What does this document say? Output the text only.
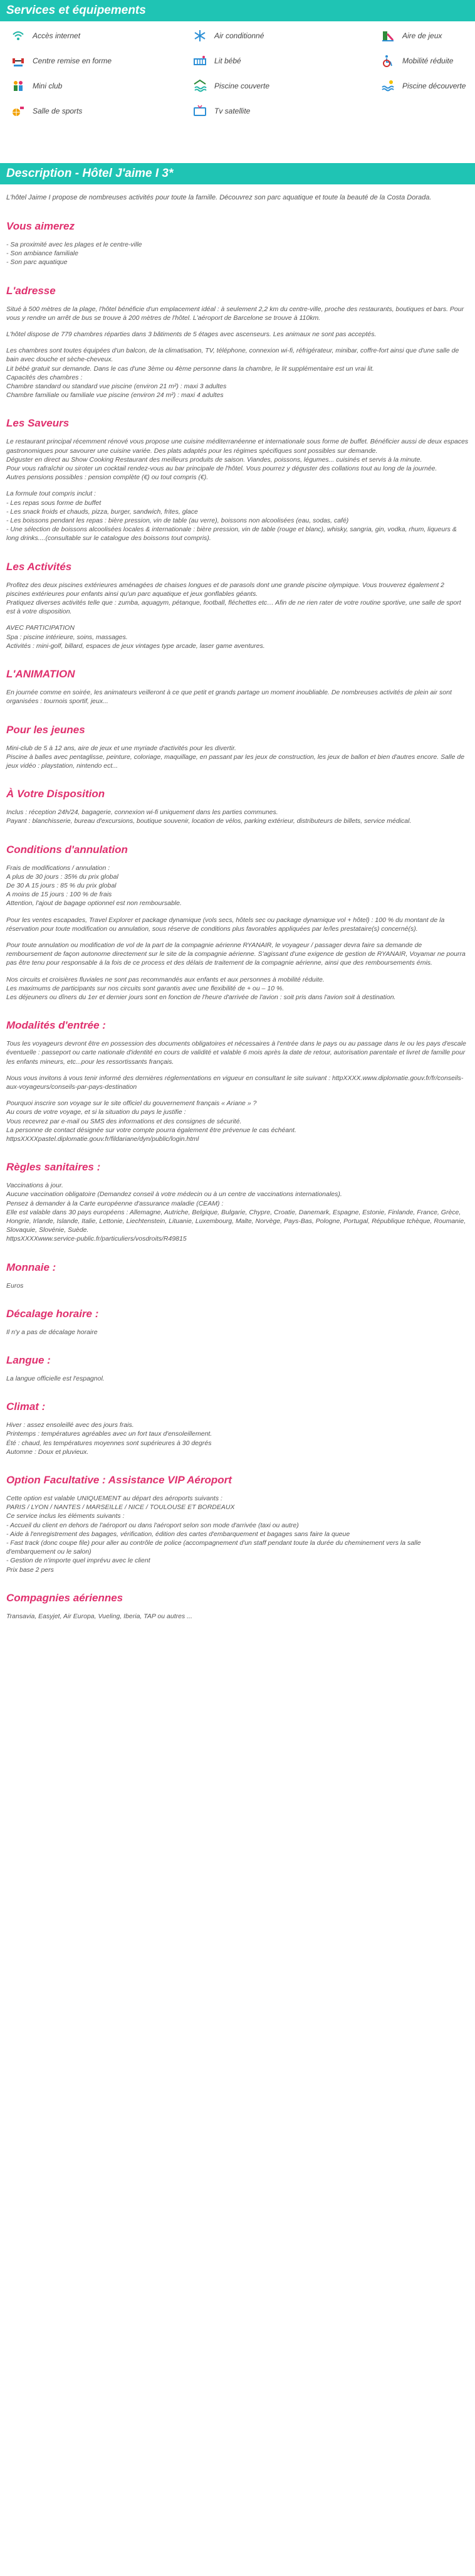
Services et équipements
Accès internet	Air conditionné	Aire de jeux
Centre remise en forme	Lit bébé	Mobilité réduite
Mini club	Piscine couverte	Piscine découverte
Salle de sports	Tv satellite
Description - Hôtel J'aime I 3*

L'hôtel Jaime I propose de nombreuses activités pour toute la famille. Découvrez son parc aquatique et toute la beauté de la Costa Dorada.

Vous aimerez

- Sa proximité avec les plages et le centre-ville
- Son ambiance familiale
- Son parc aquatique

L'adresse

Situé à 500 mètres de la plage, l'hôtel bénéficie d'un emplacement idéal : à seulement 2,2 km du centre-ville, proche des restaurants, boutiques et bars. Pour vous y rendre un arrêt de bus se trouve à 200 mètres de l'hôtel. L'aéroport de Barcelone se trouve à 110km.

L'hôtel dispose de 779 chambres réparties dans 3 bâtiments de 5 étages avec ascenseurs. Les animaux ne sont pas acceptés.

Les chambres sont toutes équipées d'un balcon, de la climatisation, TV, téléphone, connexion wi-fi, réfrigérateur, minibar, coffre-fort ainsi que d'une salle de bain avec douche et sèche-cheveux.
Lit bébé gratuit sur demande. Dans le cas d'une 3ème ou 4ème personne dans la chambre, le lit supplémentaire est un vrai lit.
Capacités des chambres :
Chambre standard ou standard vue piscine (environ 21 m²) : maxi 3 adultes
Chambre familiale ou familiale vue piscine (environ 24 m²) : maxi 4 adultes

Les Saveurs

Le restaurant principal récemment rénové vous propose une cuisine méditerranéenne et internationale sous forme de buffet. Bénéficier aussi de deux espaces gastronomiques pour savourer une cuisine variée. Des plats adaptés pour les régimes spécifiques sont possibles sur demande.
Déguster en direct au Show Cooking Restaurant des meilleurs produits de saison. Viandes, poissons, légumes... cuisinés et servis à la minute.
Pour vous rafraîchir ou siroter un cocktail rendez-vous au bar principale de l'hôtel. Vous pourrez y déguster des collations tout au long de la journée.
Autres pensions possibles : pension complète (€) ou tout compris (€).

La formule tout compris inclut :
- Les repas sous forme de buffet
- Les snack froids et chauds, pizza, burger, sandwich, frites, glace
- Les boissons pendant les repas : bière pression, vin de table (au verre), boissons non alcoolisées (eau, sodas, café)
- Une sélection de boissons alcoolisées locales & internationale : bière pression, vin de table (rouge et blanc), whisky, sangria, gin, vodka, rhum, liqueurs & long drinks....(consultable sur le catalogue des boissons tout compris).

Les Activités

Profitez des deux piscines extérieures aménagées de chaises longues et de parasols dont une grande piscine olympique. Vous trouverez également 2 piscines extérieures pour enfants ainsi qu'un parc aquatique et jeux gonflables géants.
Pratiquez diverses activités telle que : zumba, aquagym, pétanque, football, fléchettes etc… Afin de ne rien rater de votre routine sportive, une salle de sport est à votre disposition.

AVEC PARTICIPATION
Spa : piscine intérieure, soins, massages.
Activités : mini-golf, billard, espaces de jeux vintages type arcade, laser game aventures.

L'ANIMATION

En journée comme en soirée, les animateurs veilleront à ce que petit et grands partage un moment inoubliable. De nombreuses activités de plein air sont organisées : tournois sportif, jeux...

Pour les jeunes

Mini-club de 5 à 12 ans, aire de jeux et une myriade d'activités pour les divertir.
Piscine à balles avec pentaglisse, peinture, coloriage, maquillage, en passant par les jeux de construction, les jeux de ballon et bien d'autres encore. Salle de jeux vidéo : playstation, nintendo ect...

À Votre Disposition

Inclus : réception 24h/24, bagagerie, connexion wi-fi uniquement dans les parties communes.
Payant : blanchisserie, bureau d'excursions, boutique souvenir, location de vélos, parking extérieur, distributeurs de billets, service médical.

Conditions d'annulation

Frais de modifications / annulation :
A plus de 30 jours : 35% du prix global
De 30 A 15 jours : 85 % du prix global
A moins de 15 jours : 100 % de frais
Attention, l'ajout de bagage optionnel est non remboursable.

Pour les ventes escapades, Travel Explorer et package dynamique (vols secs, hôtels sec ou package dynamique vol + hôtel) : 100 % du montant de la réservation pour toute modification ou annulation, sous réserve de conditions plus favorables appliquées par le/les prestataire(s) concerné(s).

Pour toute annulation ou modification de vol de la part de la compagnie aérienne RYANAIR, le voyageur / passager devra faire sa demande de remboursement de façon autonome directement sur le site de la compagnie aérienne. S'agissant d'une exigence de gestion de RYANAIR, Voyamar ne pourra pas être tenu pour responsable à la fois de ce process et des délais de traitement de la compagnie aérienne, ainsi que des remboursements émis.

Nos circuits et croisières fluviales ne sont pas recommandés aux enfants et aux personnes à mobilité réduite.
Les maximums de participants sur nos circuits sont garantis avec une flexibilité de + ou – 10 %.
Les déjeuners ou dîners du 1er et dernier jours sont en fonction de l'heure d'arrivée de l'avion : soit pris dans l'avion soit à destination.

Modalités d'entrée :

Tous les voyageurs devront être en possession des documents obligatoires et nécessaires à l'entrée dans le pays ou au passage dans le ou les pays d'escale éventuelle : passeport ou carte nationale d'identité en cours de validité et valable 6 mois après la date de retour, autorisation parentale et livret de famille pour les enfants mineurs, etc...pour les ressortissants français.

Nous vous invitons à vous tenir informé des dernières réglementations en vigueur en consultant le site suivant : httpXXXX.www.diplomatie.gouv.fr/fr/conseils-aux-voyageurs/conseils-par-pays-destination

Pourquoi inscrire son voyage sur le site officiel du gouvernement français « Ariane » ?
Au cours de votre voyage, et si la situation du pays le justifie :
Vous recevrez par e-mail ou SMS des informations et des consignes de sécurité.
La personne de contact désignée sur votre compte pourra également être prévenue le cas échéant.
httpsXXXXpastel.diplomatie.gouv.fr/fildariane/dyn/public/login.html

Règles sanitaires :

Vaccinations à jour.
Aucune vaccination obligatoire (Demandez conseil à votre médecin ou à un centre de vaccinations internationales).
Pensez à demander à la Carte européenne d'assurance maladie (CEAM) :
Elle est valable dans 30 pays européens : Allemagne, Autriche, Belgique, Bulgarie, Chypre, Croatie, Danemark, Espagne, Estonie, Finlande, France, Grèce, Hongrie, Irlande, Islande, Italie, Lettonie, Liechtenstein, Lituanie, Luxembourg, Malte, Norvège, Pays-Bas, Pologne, Portugal, République tchèque, Roumanie, Slovaquie, Slovénie, Suède.
httpsXXXXwww.service-public.fr/particuliers/vosdroits/R49815

Monnaie :

Euros

Décalage horaire :

Il n'y a pas de décalage horaire

Langue :

La langue officielle est l'espagnol.

Climat :

Hiver : assez ensoleillé avec des jours frais.
Printemps : températures agréables avec un fort taux d'ensoleillement.
Été : chaud, les températures moyennes sont supérieures à 30 degrés
Automne : Doux et pluvieux.

Option Facultative : Assistance VIP Aéroport

Cette option est valable UNIQUEMENT au départ des aéroports suivants :
PARIS / LYON / NANTES / MARSEILLE / NICE / TOULOUSE ET BORDEAUX
Ce service inclus les éléments suivants :
- Accueil du client en dehors de l'aéroport ou dans l'aéroport selon son mode d'arrivée (taxi ou autre)
- Aide à l'enregistrement des bagages, vérification, édition des cartes d'embarquement et bagages sans faire la queue
- Fast track (donc coupe file) pour aller au contrôle de police (accompagnement d'un staff pendant toute la durée du cheminement vers la salle d'embarquement ou le salon)
- Gestion de n'importe quel imprévu avec le client
Prix base 2 pers

Compagnies aériennes

Transavia, Easyjet, Air Europa, Vueling, Iberia, TAP ou autres ...
